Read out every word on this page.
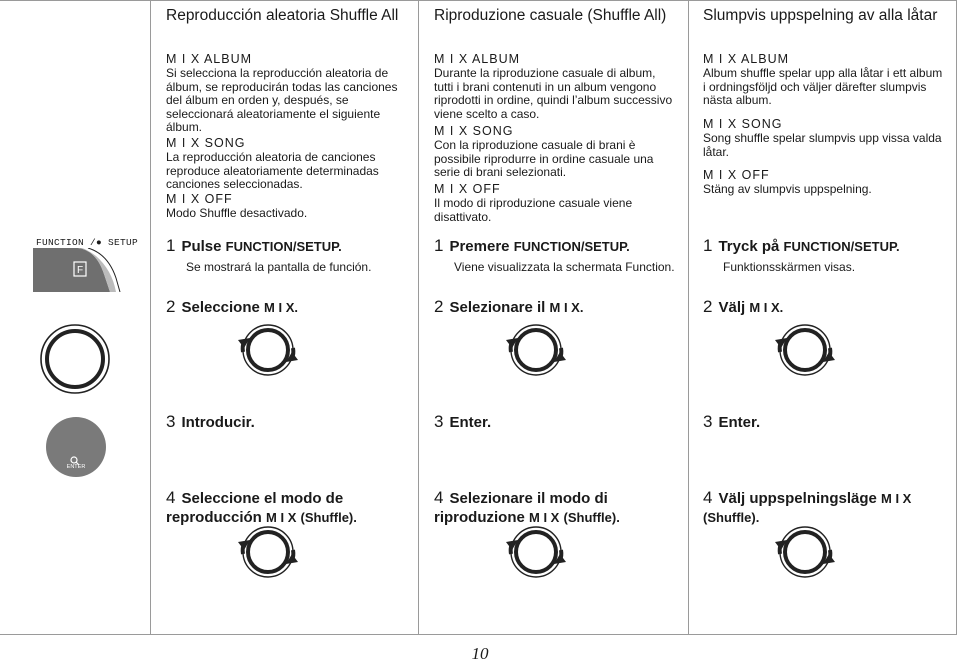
FUNCTION /● SETUP
F
ENTER
Reproducción aleatoria Shuffle All
M I X ALBUM
Si selecciona la reproducción aleatoria de álbum, se reproducirán todas las canciones del álbum en orden y, después, se seleccionará aleatoriamente el siguiente álbum.
M I X SONG
La reproducción aleatoria de canciones reproduce aleatoriamente determinadas canciones seleccionadas.
M I X OFF
Modo Shuffle desactivado.
1 Pulse FUNCTION/SETUP.
Se mostrará la pantalla de función.
2 Seleccione M I X.
3 Introducir.
4 Seleccione el modo de reproducción M I X (Shuffle).
Riproduzione casuale (Shuffle All)
M I X ALBUM
Durante la riproduzione casuale di album, tutti i brani contenuti in un album vengono riprodotti in ordine, quindi l’album successivo viene scelto a caso.
M I X SONG
Con la riproduzione casuale di brani è possibile riprodurre in ordine casuale una serie di brani selezionati.
M I X OFF
Il modo di riproduzione casuale viene disattivato.
1 Premere FUNCTION/SETUP.
Viene visualizzata la schermata Function.
2 Selezionare il M I X.
3 Enter.
4 Selezionare il modo di riproduzione M I X (Shuffle).
Slumpvis uppspelning av alla låtar
M I X ALBUM
Album shuffle spelar upp alla låtar i ett album i ordningsföljd och väljer därefter slumpvis nästa album.
M I X SONG
Song shuffle spelar slumpvis upp vissa valda låtar.
M I X OFF
Stäng av slumpvis uppspelning.
1 Tryck på FUNCTION/SETUP.
Funktionsskärmen visas.
2 Välj M I X.
3 Enter.
4 Välj uppspelningsläge M I X (Shuffle).
10
